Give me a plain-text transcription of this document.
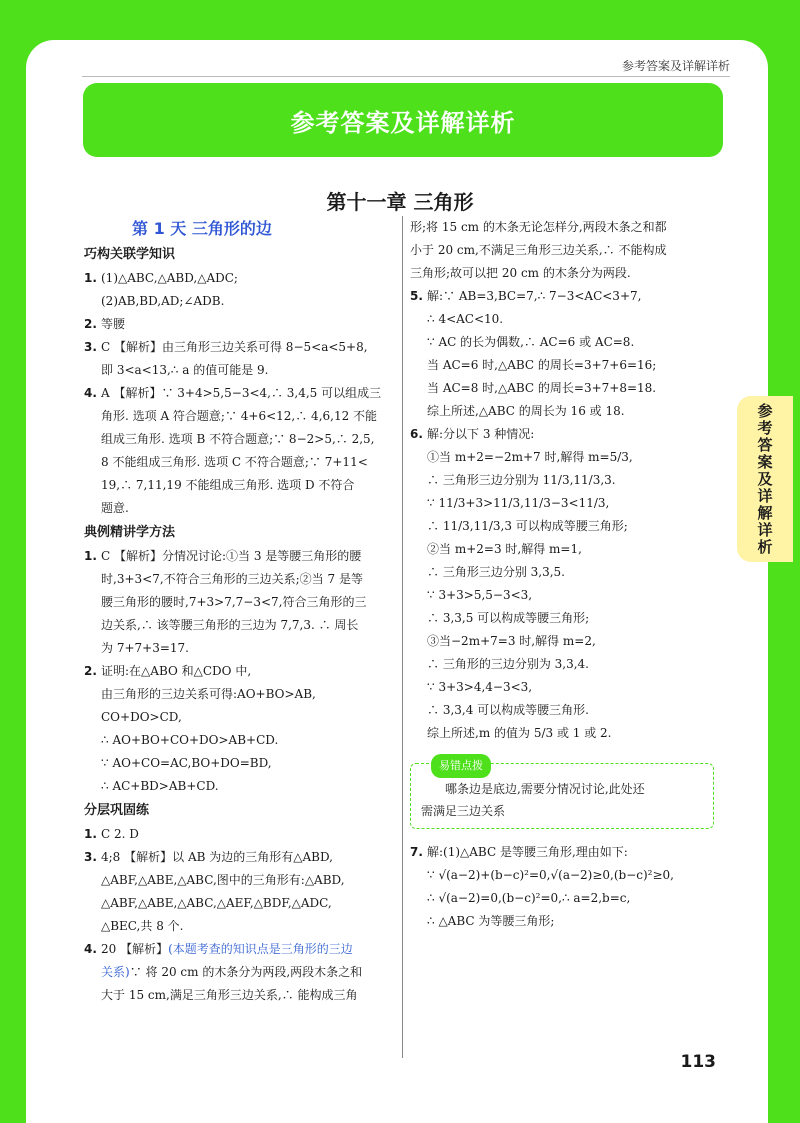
参考答案及详解详析
参考答案及详解详析
第十一章 三角形
参考答案及详解详析
第 1 天 三角形的边
巧构关联学知识
1. (1)△ABC,△ABD,△ADC;
(2)AB,BD,AD;∠ADB.
2. 等腰
3. C 【解析】由三角形三边关系可得 8−5<a<5+8,
即 3<a<13,∴ a 的值可能是 9.
4. A 【解析】∵ 3+4>5,5−3<4,∴ 3,4,5 可以组成三
角形. 选项 A 符合题意;∵ 4+6<12,∴ 4,6,12 不能
组成三角形. 选项 B 不符合题意;∵ 8−2>5,∴ 2,5,
8 不能组成三角形. 选项 C 不符合题意;∵ 7+11<
19,∴ 7,11,19 不能组成三角形. 选项 D 不符合
题意.
典例精讲学方法
1. C 【解析】分情况讨论:①当 3 是等腰三角形的腰
时,3+3<7,不符合三角形的三边关系;②当 7 是等
腰三角形的腰时,7+3>7,7−3<7,符合三角形的三
边关系,∴ 该等腰三角形的三边为 7,7,3. ∴ 周长
为 7+7+3=17.
2. 证明:在△ABO 和△CDO 中,
由三角形的三边关系可得:AO+BO>AB,
CO+DO>CD,
∴ AO+BO+CO+DO>AB+CD.
∵ AO+CO=AC,BO+DO=BD,
∴ AC+BD>AB+CD.
分层巩固练
1. C 2. D
3. 4;8 【解析】以 AB 为边的三角形有△ABD,
△ABF,△ABE,△ABC,图中的三角形有:△ABD,
△ABF,△ABE,△ABC,△AEF,△BDF,△ADC,
△BEC,共 8 个.
4. 20 【解析】(本题考查的知识点是三角形的三边
关系)∵ 将 20 cm 的木条分为两段,两段木条之和
大于 15 cm,满足三角形三边关系,∴ 能构成三角
形;将 15 cm 的木条无论怎样分,两段木条之和都
小于 20 cm,不满足三角形三边关系,∴ 不能构成
三角形;故可以把 20 cm 的木条分为两段.
5. 解:∵ AB=3,BC=7,∴ 7−3<AC<3+7,
∴ 4<AC<10.
∵ AC 的长为偶数,∴ AC=6 或 AC=8.
当 AC=6 时,△ABC 的周长=3+7+6=16;
当 AC=8 时,△ABC 的周长=3+7+8=18.
综上所述,△ABC 的周长为 16 或 18.
6. 解:分以下 3 种情况:
①当 m+2=−2m+7 时,解得 m=5/3,
∴ 三角形三边分别为 11/3,11/3,3.
∵ 11/3+3>11/3,11/3−3<11/3,
∴ 11/3,11/3,3 可以构成等腰三角形;
②当 m+2=3 时,解得 m=1,
∴ 三角形三边分别 3,3,5.
∵ 3+3>5,5−3<3,
∴ 3,3,5 可以构成等腰三角形;
③当−2m+7=3 时,解得 m=2,
∴ 三角形的三边分别为 3,3,4.
∵ 3+3>4,4−3<3,
∴ 3,3,4 可以构成等腰三角形.
综上所述,m 的值为 5/3 或 1 或 2.
易错点拨
哪条边是底边,需要分情况讨论,此处还
需满足三边关系
7. 解:(1)△ABC 是等腰三角形,理由如下:
∵ √(a−2)+(b−c)²=0,√(a−2)≥0,(b−c)²≥0,
∴ √(a−2)=0,(b−c)²=0,∴ a=2,b=c,
∴ △ABC 为等腰三角形;
113
